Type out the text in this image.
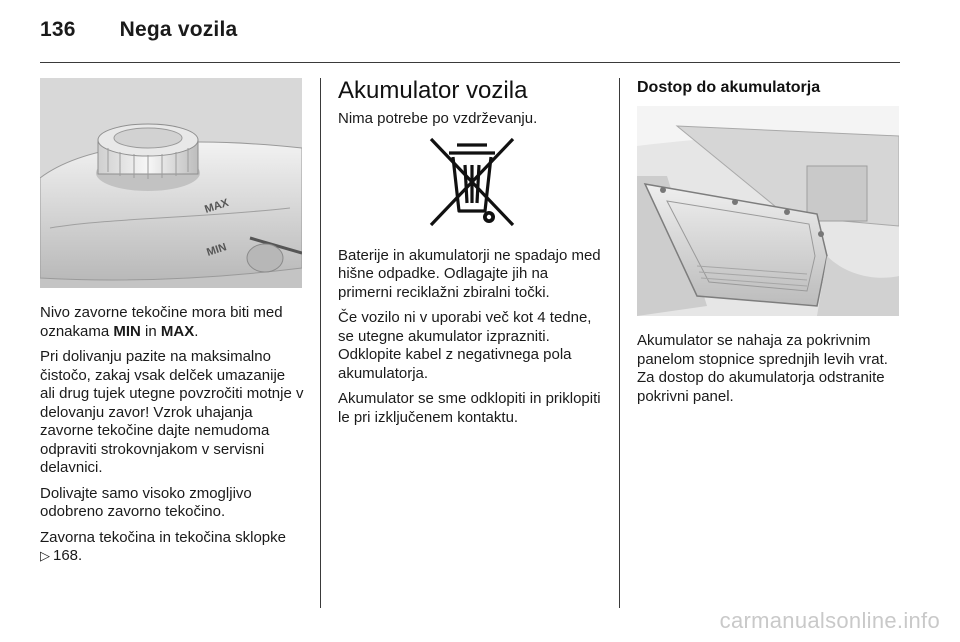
136 Nega vozila
MAX
MIN

Nivo zavorne tekočine mora biti med oznakama MIN in MAX.

Pri dolivanju pazite na maksimalno čistočo, zakaj vsak delček umazanije ali drug tujek utegne povzročiti motnje v delovanju zavor! Vzrok uhajanja zavorne tekočine dajte nemudoma odpraviti strokovnjakom v servisni delavnici.

Dolivajte samo visoko zmogljivo odobreno zavorno tekočino.

Zavorna tekočina in tekočina sklopke
▷ 168.

Akumulator vozila

Nima potrebe po vzdrževanju.

Baterije in akumulatorji ne spadajo med hišne odpadke. Odlagajte jih na primerni reciklažni zbiralni točki.

Če vozilo ni v uporabi več kot 4 tedne, se utegne akumulator izprazniti. Odklopite kabel z negativnega pola akumulatorja.

Akumulator se sme odklopiti in priklopiti le pri izključenem kontaktu.

Dostop do akumulatorja

Akumulator se nahaja za pokrivnim panelom stopnice sprednjih levih vrat. Za dostop do akumulatorja odstranite pokrivni panel.

carmanualsonline.info
